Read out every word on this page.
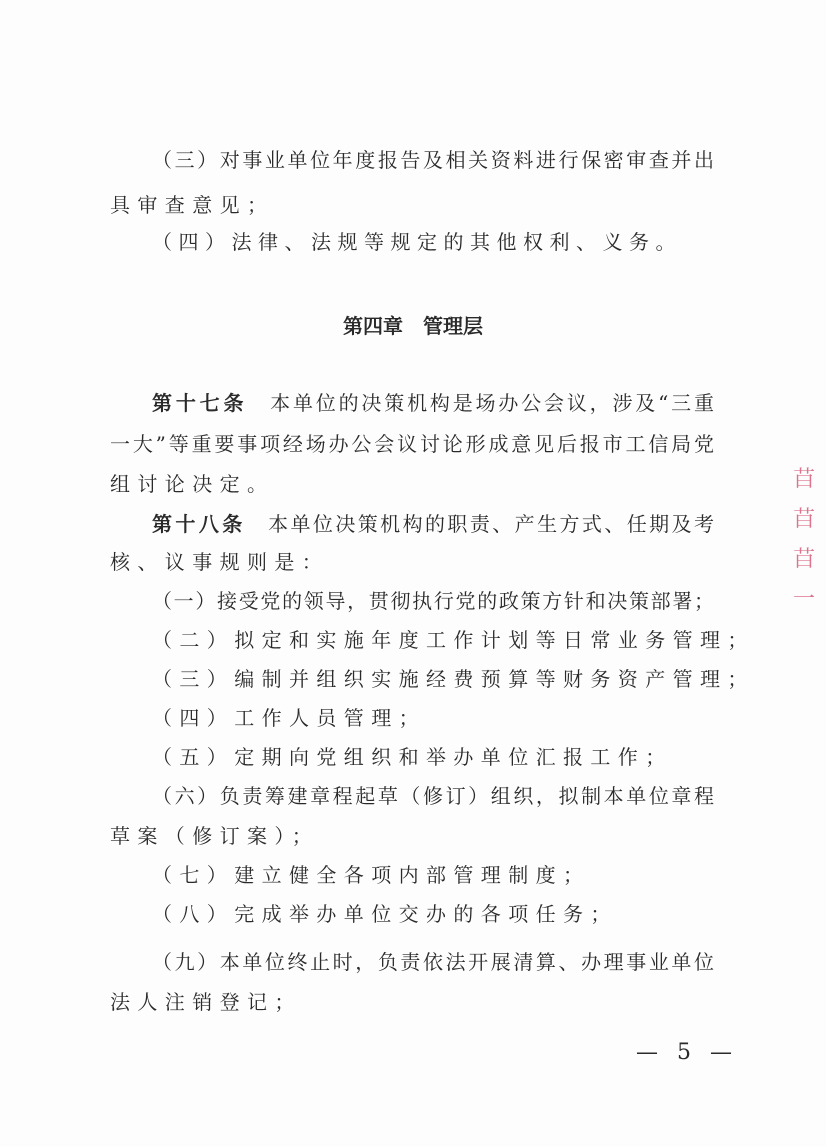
（三）对事业单位年度报告及相关资料进行保密审查并出
具审查意见；
（四）法律、法规等规定的其他权利、义务。
第四章 管理层
第十七条　 本单位的决策机构是场办公会议，涉及“三重
一大”等重要事项经场办公会议讨论形成意见后报市工信局党
组讨论决定。
第十八条　 本单位决策机构的职责、产生方式、任期及考
核、议事规则是：
（一）接受党的领导，贯彻执行党的政策方针和决策部署；
（二）拟定和实施年度工作计划等日常业务管理；
（三）编制并组织实施经费预算等财务资产管理；
（四）工作人员管理；
（五）定期向党组织和举办单位汇报工作；
（六）负责筹建章程起草（修订）组织，拟制本单位章程
草案（修订案）；
（七）建立健全各项内部管理制度；
（八）完成举办单位交办的各项任务；
（九）本单位终止时，负责依法开展清算、办理事业单位
法人注销登记；
— 5 —
䒤
䒤
䒤
一
